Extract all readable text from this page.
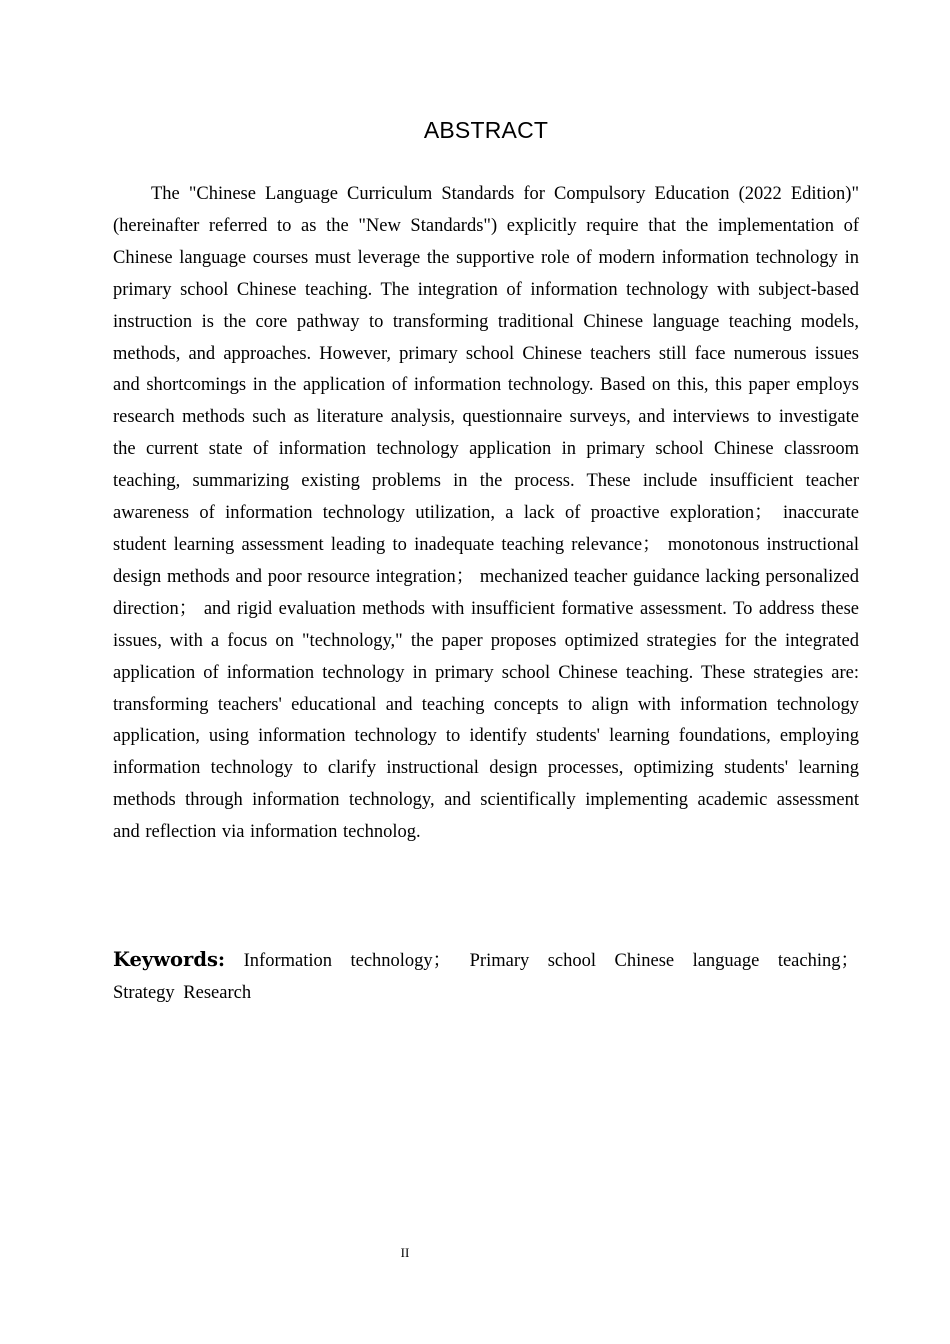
ABSTRACT

The "Chinese Language Curriculum Standards for Compulsory Education (2022 Edition)" (hereinafter referred to as the "New Standards") explicitly require that the implementation of Chinese language courses must leverage the supportive role of modern information technology in primary school Chinese teaching. The integration of information technology with subject-based instruction is the core pathway to transforming traditional Chinese language teaching models, methods, and approaches. However, primary school Chinese teachers still face numerous issues and shortcomings in the application of information technology. Based on this, this paper employs research methods such as literature analysis, questionnaire surveys, and interviews to investigate the current state of information technology application in primary school Chinese classroom teaching, summarizing existing problems in the process. These include insufficient teacher awareness of information technology utilization, a lack of proactive exploration； inaccurate student learning assessment leading to inadequate teaching relevance； monotonous instructional design methods and poor resource integration； mechanized teacher guidance lacking personalized direction； and rigid evaluation methods with insufficient formative assessment. To address these issues, with a focus on "technology," the paper proposes optimized strategies for the integrated application of information technology in primary school Chinese teaching. These strategies are: transforming teachers' educational and teaching concepts to align with information technology application, using information technology to identify students' learning foundations, employing information technology to clarify instructional design processes, optimizing students' learning methods through information technology, and scientifically implementing academic assessment and reflection via information technolog.

Keywords: Information technology； Primary school Chinese language teaching； Strategy Research

II
